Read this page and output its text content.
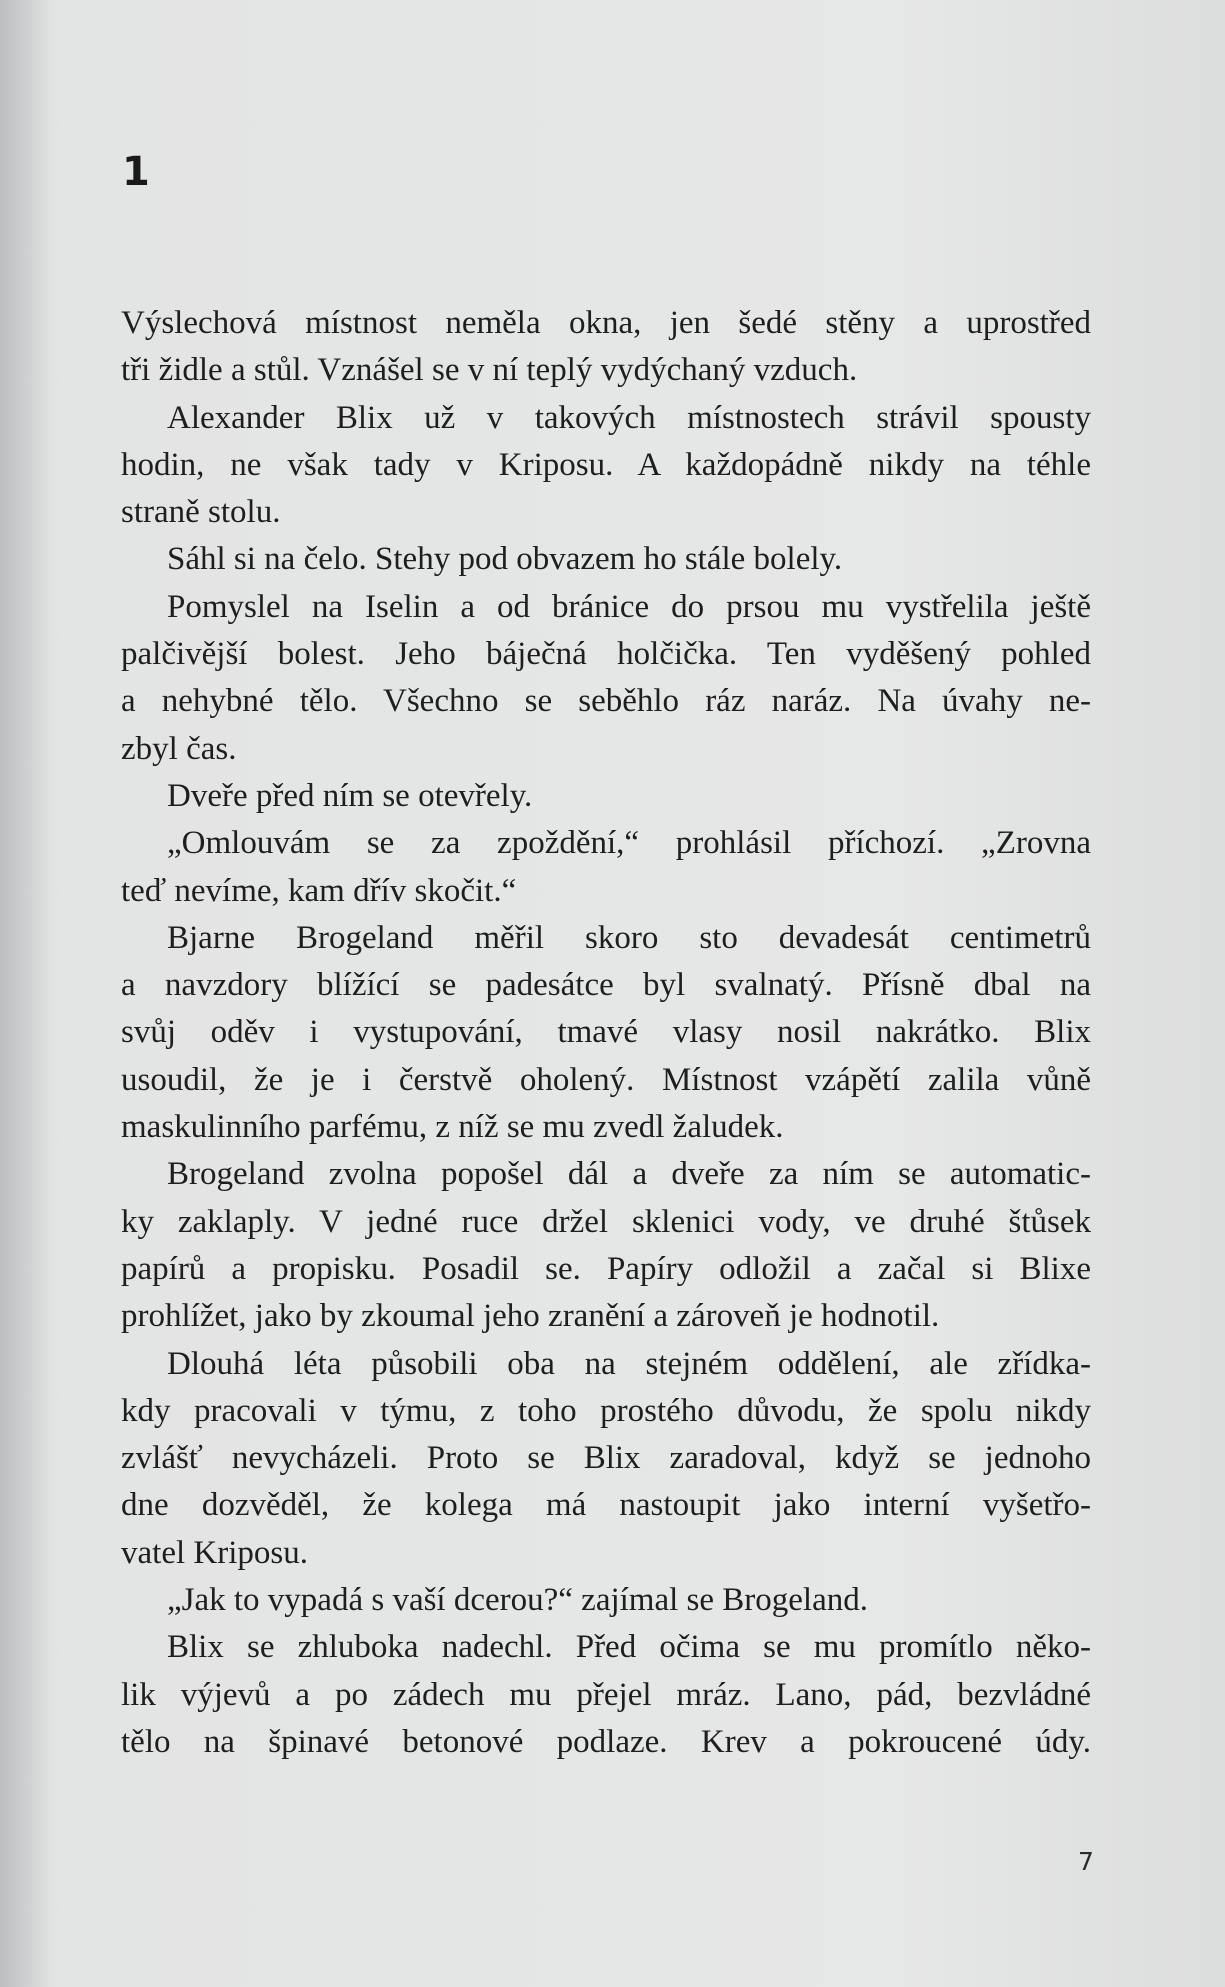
1
Výslechová místnost neměla okna, jen šedé stěny a uprostřed
tři židle a stůl. Vznášel se v ní teplý vydýchaný vzduch.
Alexander Blix už v takových místnostech strávil spousty
hodin, ne však tady v Kriposu. A každopádně nikdy na téhle
straně stolu.
Sáhl si na čelo. Stehy pod obvazem ho stále bolely.
Pomyslel na Iselin a od bránice do prsou mu vystřelila ještě
palčivější bolest. Jeho báječná holčička. Ten vyděšený pohled
a nehybné tělo. Všechno se seběhlo ráz naráz. Na úvahy ne-
zbyl čas.
Dveře před ním se otevřely.
„Omlouvám se za zpoždění,“ prohlásil příchozí. „Zrovna
teď nevíme, kam dřív skočit.“
Bjarne Brogeland měřil skoro sto devadesát centimetrů
a navzdory blížící se padesátce byl svalnatý. Přísně dbal na
svůj oděv i vystupování, tmavé vlasy nosil nakrátko. Blix
usoudil, že je i čerstvě oholený. Místnost vzápětí zalila vůně
maskulinního parfému, z níž se mu zvedl žaludek.
Brogeland zvolna popošel dál a dveře za ním se automatic-
ky zaklaply. V jedné ruce držel sklenici vody, ve druhé štůsek
papírů a propisku. Posadil se. Papíry odložil a začal si Blixe
prohlížet, jako by zkoumal jeho zranění a zároveň je hodnotil.
Dlouhá léta působili oba na stejném oddělení, ale zřídka-
kdy pracovali v týmu, z toho prostého důvodu, že spolu nikdy
zvlášť nevycházeli. Proto se Blix zaradoval, když se jednoho
dne dozvěděl, že kolega má nastoupit jako interní vyšetřo-
vatel Kriposu.
„Jak to vypadá s vaší dcerou?“ zajímal se Brogeland.
Blix se zhluboka nadechl. Před očima se mu promítlo něko-
lik výjevů a po zádech mu přejel mráz. Lano, pád, bezvládné
tělo na špinavé betonové podlaze. Krev a pokroucené údy.
7
